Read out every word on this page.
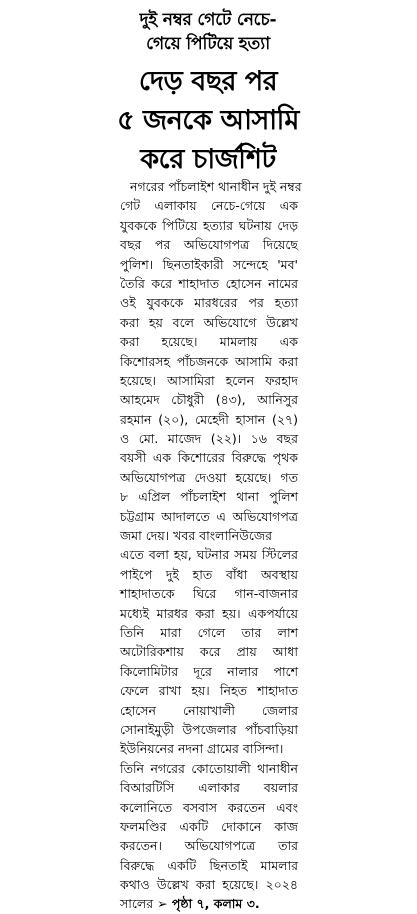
দুই নম্বর গেটে নেচে-
গেয়ে পিটিয়ে হত্যা
দেড় বছর পর
৫ জনকে আসামি
করে চার্জশিট
নগরের পাঁচলাইশ থানাধীন দুই নম্বর
গেট এলাকায় নেচে-গেয়ে এক
যুবককে পিটিয়ে হত্যার ঘটনায় দেড়
বছর পর অভিযোগপত্র দিয়েছে
পুলিশ। ছিনতাইকারী সন্দেহে 'মব'
তৈরি করে শাহাদাত হোসেন নামের
ওই যুবককে মারধরের পর হত্যা
করা হয় বলে অভিযোগে উল্লেখ
করা হয়েছে। মামলায় এক
কিশোরসহ পাঁচজনকে আসামি করা
হয়েছে। আসামিরা হলেন ফরহাদ
আহমেদ চৌধুরী (৪৩), আনিসুর
রহমান (২০), মেহেদী হাসান (২৭)
ও মো. মাজেদ (২২)। ১৬ বছর
বয়সী এক কিশোরের বিরুদ্ধে পৃথক
অভিযোগপত্র দেওয়া হয়েছে। গত
৮ এপ্রিল পাঁচলাইশ থানা পুলিশ
চট্টগ্রাম আদালতে এ অভিযোগপত্র
জমা দেয়। খবর বাংলানিউজের
এতে বলা হয়, ঘটনার সময় স্টিলের
পাইপে দুই হাত বাঁধা অবস্থায়
শাহাদাতকে ঘিরে গান-বাজনার
মধ্যেই মারধর করা হয়। একপর্যায়ে
তিনি মারা গেলে তার লাশ
অটোরিকশায় করে প্রায় আধা
কিলোমিটার দূরে নালার পাশে
ফেলে রাখা হয়। নিহত শাহাদাত
হোসেন নোয়াখালী জেলার
সোনাইমুড়ী উপজেলার পাঁচবাড়িয়া
ইউনিয়নের নদনা গ্রামের বাসিন্দা।
তিনি নগরের কোতোয়ালী থানাধীন
বিআরটিসি এলাকার বয়লার
কলোনিতে বসবাস করতেন এবং
ফলমণ্ডির একটি দোকানে কাজ
করতেন। অভিযোগপত্রে তার
বিরুদ্ধে একটি ছিনতাই মামলার
কথাও উল্লেখ করা হয়েছে। ২০২৪
সালের ➢ পৃষ্ঠা ৭, কলাম ৩.
